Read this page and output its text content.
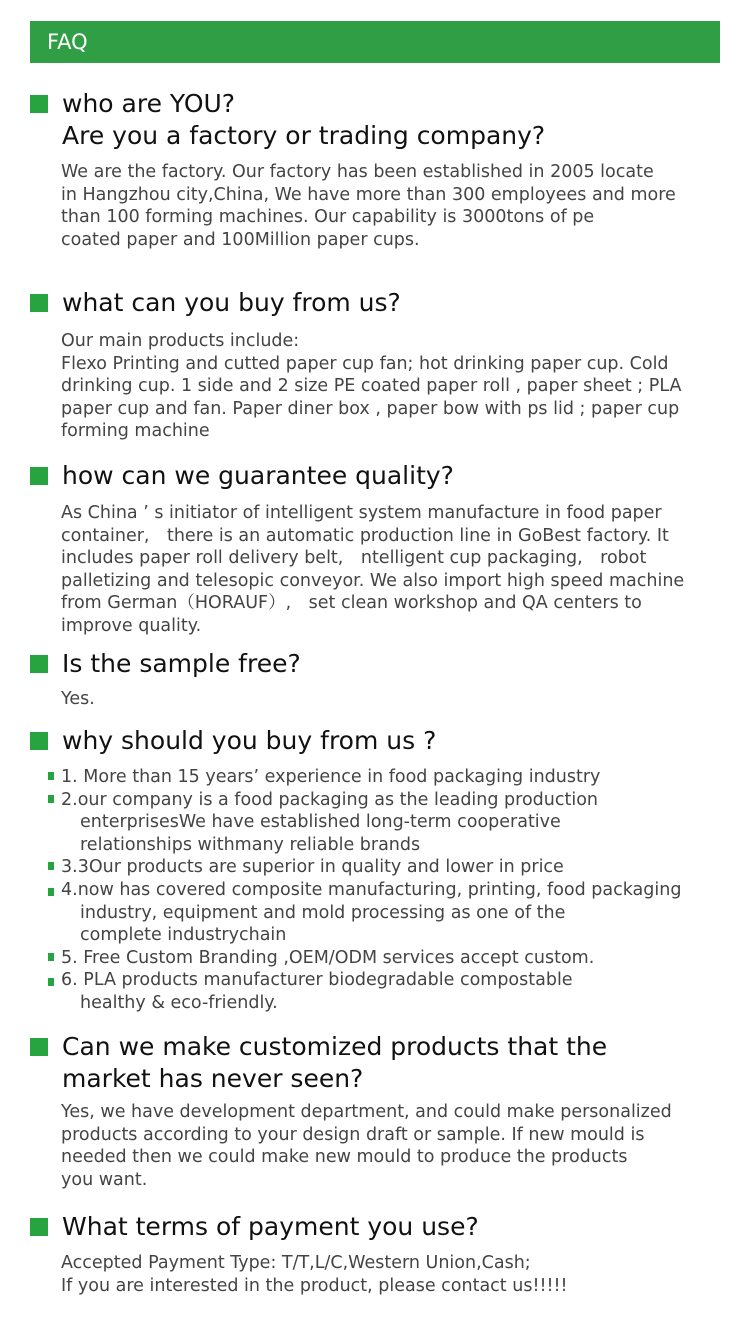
FAQ
who are YOU?
Are you a factory or trading company?
We are the factory. Our factory has been established in 2005 locate
in Hangzhou city,China, We have more than 300 employees and more
than 100 forming machines. Our capability is 3000tons of pe
coated paper and 100Million paper cups.
what can you buy from us?
Our main products include:
Flexo Printing and cutted paper cup fan; hot drinking paper cup. Cold
drinking cup. 1 side and 2 size PE coated paper roll , paper sheet ; PLA
paper cup and fan. Paper diner box , paper bow with ps lid ; paper cup
forming machine
how can we guarantee quality?
As China ’ s initiator of intelligent system manufacture in food paper
container,　there is an automatic production line in GoBest factory. It
includes paper roll delivery belt,　ntelligent cup packaging,　robot
palletizing and telesopic conveyor. We also import high speed machine
from German（HORAUF）,　set clean workshop and QA centers to
improve quality.
Is the sample free?
Yes.
why should you buy from us ?
1. More than 15 years’ experience in food packaging industry
2.our company is a food packaging as the leading production
enterprisesWe have established long-term cooperative
relationships withmany reliable brands
3.3Our products are superior in quality and lower in price
4.now has covered composite manufacturing, printing, food packaging
industry, equipment and mold processing as one of the
complete industrychain
5. Free Custom Branding ,OEM/ODM services accept custom.
6. PLA products manufacturer biodegradable compostable
healthy & eco-friendly.
Can we make customized products that the
market has never seen?
Yes, we have development department, and could make personalized
products according to your design draft or sample. If new mould is
needed then we could make new mould to produce the products
you want.
What terms of payment you use?
Accepted Payment Type: T/T,L/C,Western Union,Cash;
If you are interested in the product, please contact us!!!!!
